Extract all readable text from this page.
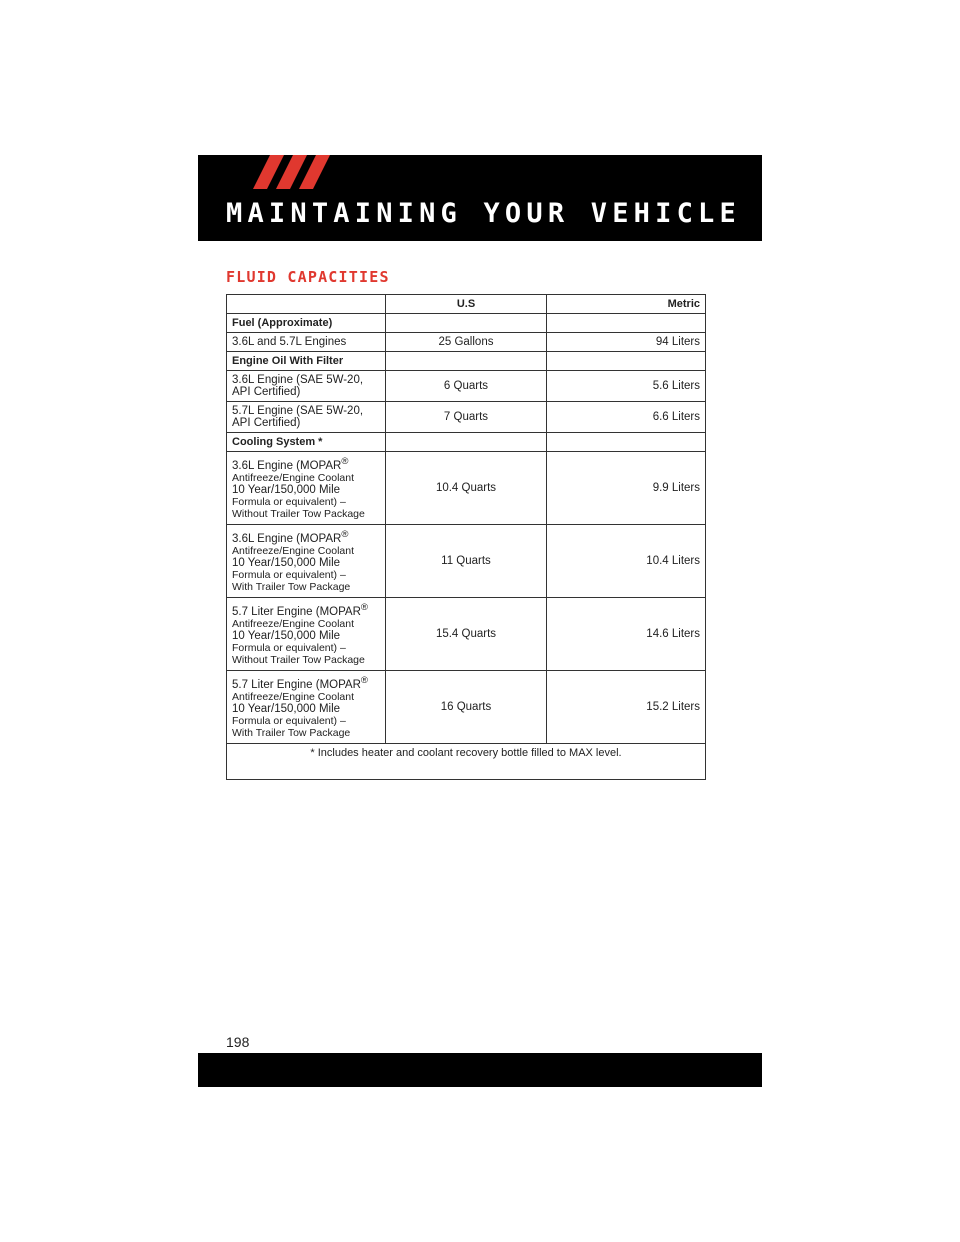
MAINTAINING YOUR VEHICLE
FLUID CAPACITIES
	U.S	Metric
Fuel (Approximate)		
3.6L and 5.7L Engines	25 Gallons	94 Liters
Engine Oil With Filter		
3.6L Engine (SAE 5W-20,
API Certified)	6 Quarts	5.6 Liters
5.7L Engine (SAE 5W-20,
API Certified)	7 Quarts	6.6 Liters
Cooling System *		
3.6L Engine (MOPAR®
Antifreeze/Engine Coolant
10 Year/150,000 Mile
Formula or equivalent) –
Without Trailer Tow Package	10.4 Quarts	9.9 Liters
3.6L Engine (MOPAR®
Antifreeze/Engine Coolant
10 Year/150,000 Mile
Formula or equivalent) –
With Trailer Tow Package	11 Quarts	10.4 Liters
5.7 Liter Engine (MOPAR®
Antifreeze/Engine Coolant
10 Year/150,000 Mile
Formula or equivalent) –
Without Trailer Tow Package	15.4 Quarts	14.6 Liters
5.7 Liter Engine (MOPAR®
Antifreeze/Engine Coolant
10 Year/150,000 Mile
Formula or equivalent) –
With Trailer Tow Package	16 Quarts	15.2 Liters
* Includes heater and coolant recovery bottle filled to MAX level.		

198
